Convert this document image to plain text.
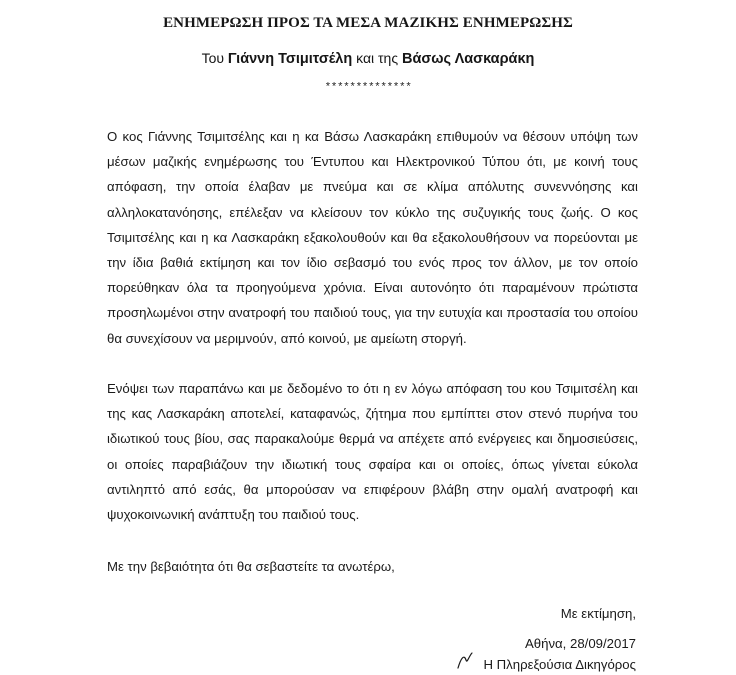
ΕΝΗΜΕΡΩΣΗ ΠΡΟΣ ΤΑ ΜΕΣΑ ΜΑΖΙΚΗΣ ΕΝΗΜΕΡΩΣΗΣ

Του Γιάννη Τσιμιτσέλη και της Βάσως Λασκαράκη

**************

Ο κος Γιάννης Τσιμιτσέλης και η κα Βάσω Λασκαράκη επιθυμούν να θέσουν υπόψη των μέσων μαζικής ενημέρωσης του Έντυπου και Ηλεκτρονικού Τύπου ότι, με κοινή τους απόφαση, την οποία έλαβαν με πνεύμα και σε κλίμα απόλυτης συνεννόησης και αλληλοκατανόησης, επέλεξαν να κλείσουν τον κύκλο της συζυγικής τους ζωής. Ο κος Τσιμιτσέλης και η κα Λασκαράκη εξακολουθούν και θα εξακολουθήσουν να πορεύονται με την ίδια βαθιά εκτίμηση και τον ίδιο σεβασμό του ενός προς τον άλλον, με τον οποίο πορεύθηκαν όλα τα προηγούμενα χρόνια. Είναι αυτονόητο ότι παραμένουν πρώτιστα προσηλωμένοι στην ανατροφή του παιδιού τους, για την ευτυχία και προστασία του οποίου θα συνεχίσουν να μεριμνούν, από κοινού, με αμείωτη στοργή.

Ενόψει των παραπάνω και με δεδομένο το ότι η εν λόγω απόφαση του κου Τσιμιτσέλη και της κας Λασκαράκη αποτελεί, καταφανώς, ζήτημα που εμπίπτει στον στενό πυρήνα του ιδιωτικού τους βίου, σας παρακαλούμε θερμά να απέχετε από ενέργειες και δημοσιεύσεις, οι οποίες παραβιάζουν την ιδιωτική τους σφαίρα και οι οποίες, όπως γίνεται εύκολα αντιληπτό από εσάς, θα μπορούσαν να επιφέρουν βλάβη στην ομαλή ανατροφή και ψυχοκοινωνική ανάπτυξη του παιδιού τους.

Με την βεβαιότητα ότι θα σεβαστείτε τα ανωτέρω,

Με εκτίμηση,

Αθήνα, 28/09/2017

Η Πληρεξούσια Δικηγόρος
